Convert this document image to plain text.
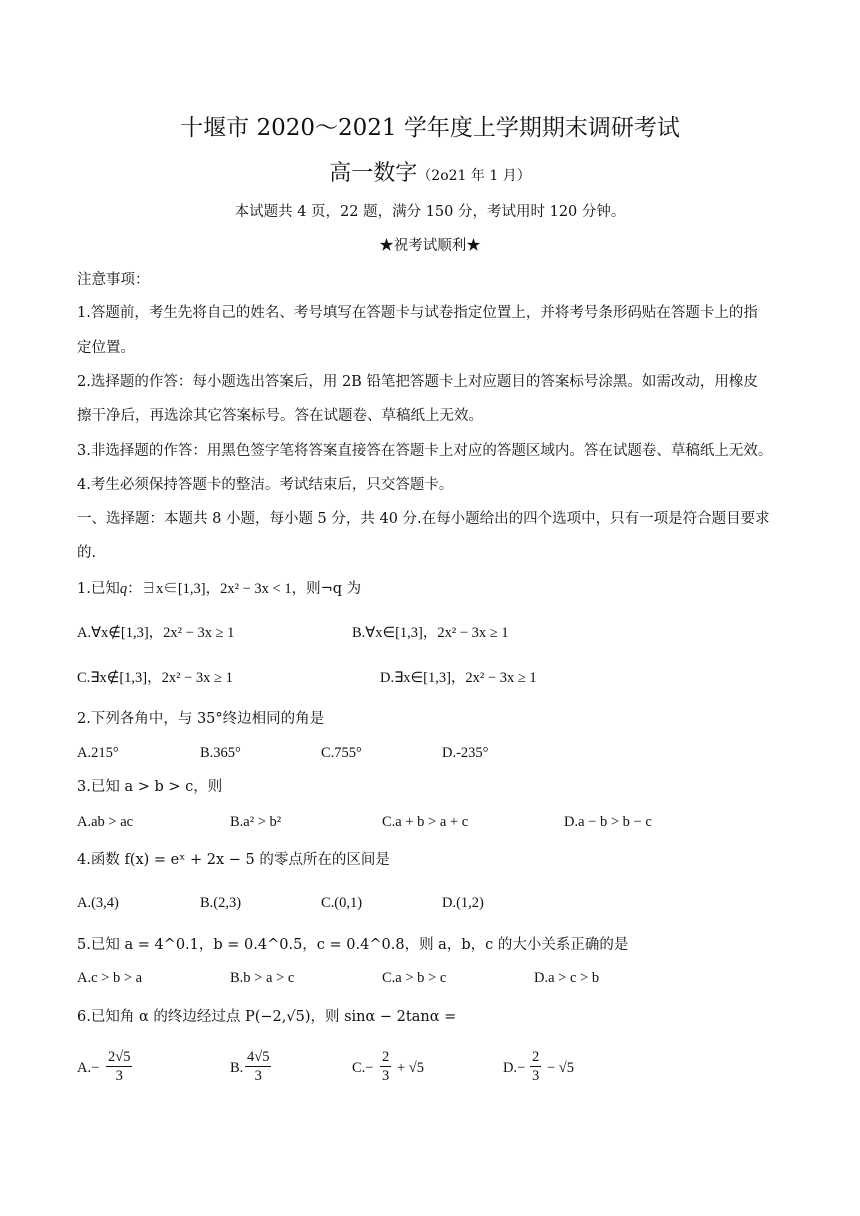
十堰市 2020～2021 学年度上学期期末调研考试
高一数字（2o21 年 1 月）
本试题共 4 页，22 题，满分 150 分，考试用时 120 分钟。
★祝考试顺利★
注意事项：
1.答题前，考生先将自己的姓名、考号填写在答题卡与试卷指定位置上，并将考号条形码贴在答题卡上的指
定位置。
2.选择题的作答：每小题选出答案后，用 2B 铅笔把答题卡上对应题目的答案标号涂黑。如需改动，用橡皮
擦干净后，再选涂其它答案标号。答在试题卷、草稿纸上无效。
3.非选择题的作答：用黑色签字笔将答案直接答在答题卡上对应的答题区域内。答在试题卷、草稿纸上无效。
4.考生必须保持答题卡的整洁。考试结束后，只交答题卡。
一、选择题：本题共 8 小题，每小题 5 分，共 40 分.在每小题给出的四个选项中，只有一项是符合题目要求
的.
1.已知q：∃x∈[1,3]，2x² − 3x < 1，则¬q 为
A.∀x∉[1,3]，2x² − 3x ≥ 1	B.∀x∈[1,3]，2x² − 3x ≥ 1
C.∃x∉[1,3]，2x² − 3x ≥ 1	D.∃x∈[1,3]，2x² − 3x ≥ 1
2.下列各角中，与 35°终边相同的角是
A.215°	B.365°	C.755°	D.-235°
3.已知 a > b > c，则
A.ab > ac	B.a² > b²	C.a + b > a + c	D.a − b > b − c
4.函数 f(x) = eˣ + 2x − 5 的零点所在的区间是
A.(3,4)	B.(2,3)	C.(0,1)	D.(1,2)
5.已知 a = 4^0.1，b = 0.4^0.5，c = 0.4^0.8，则 a，b，c 的大小关系正确的是
A.c > b > a	B.b > a > c	C.a > b > c	D.a > c > b
6.已知角 α 的终边经过点 P(−2,√5)，则 sinα − 2tanα =
$A.- \frac{2√5}{3}$	B. $\frac{4√5}{3}$	$C.- \frac{2}{3} + √5$	$D.- \frac{2}{3} - √5$
